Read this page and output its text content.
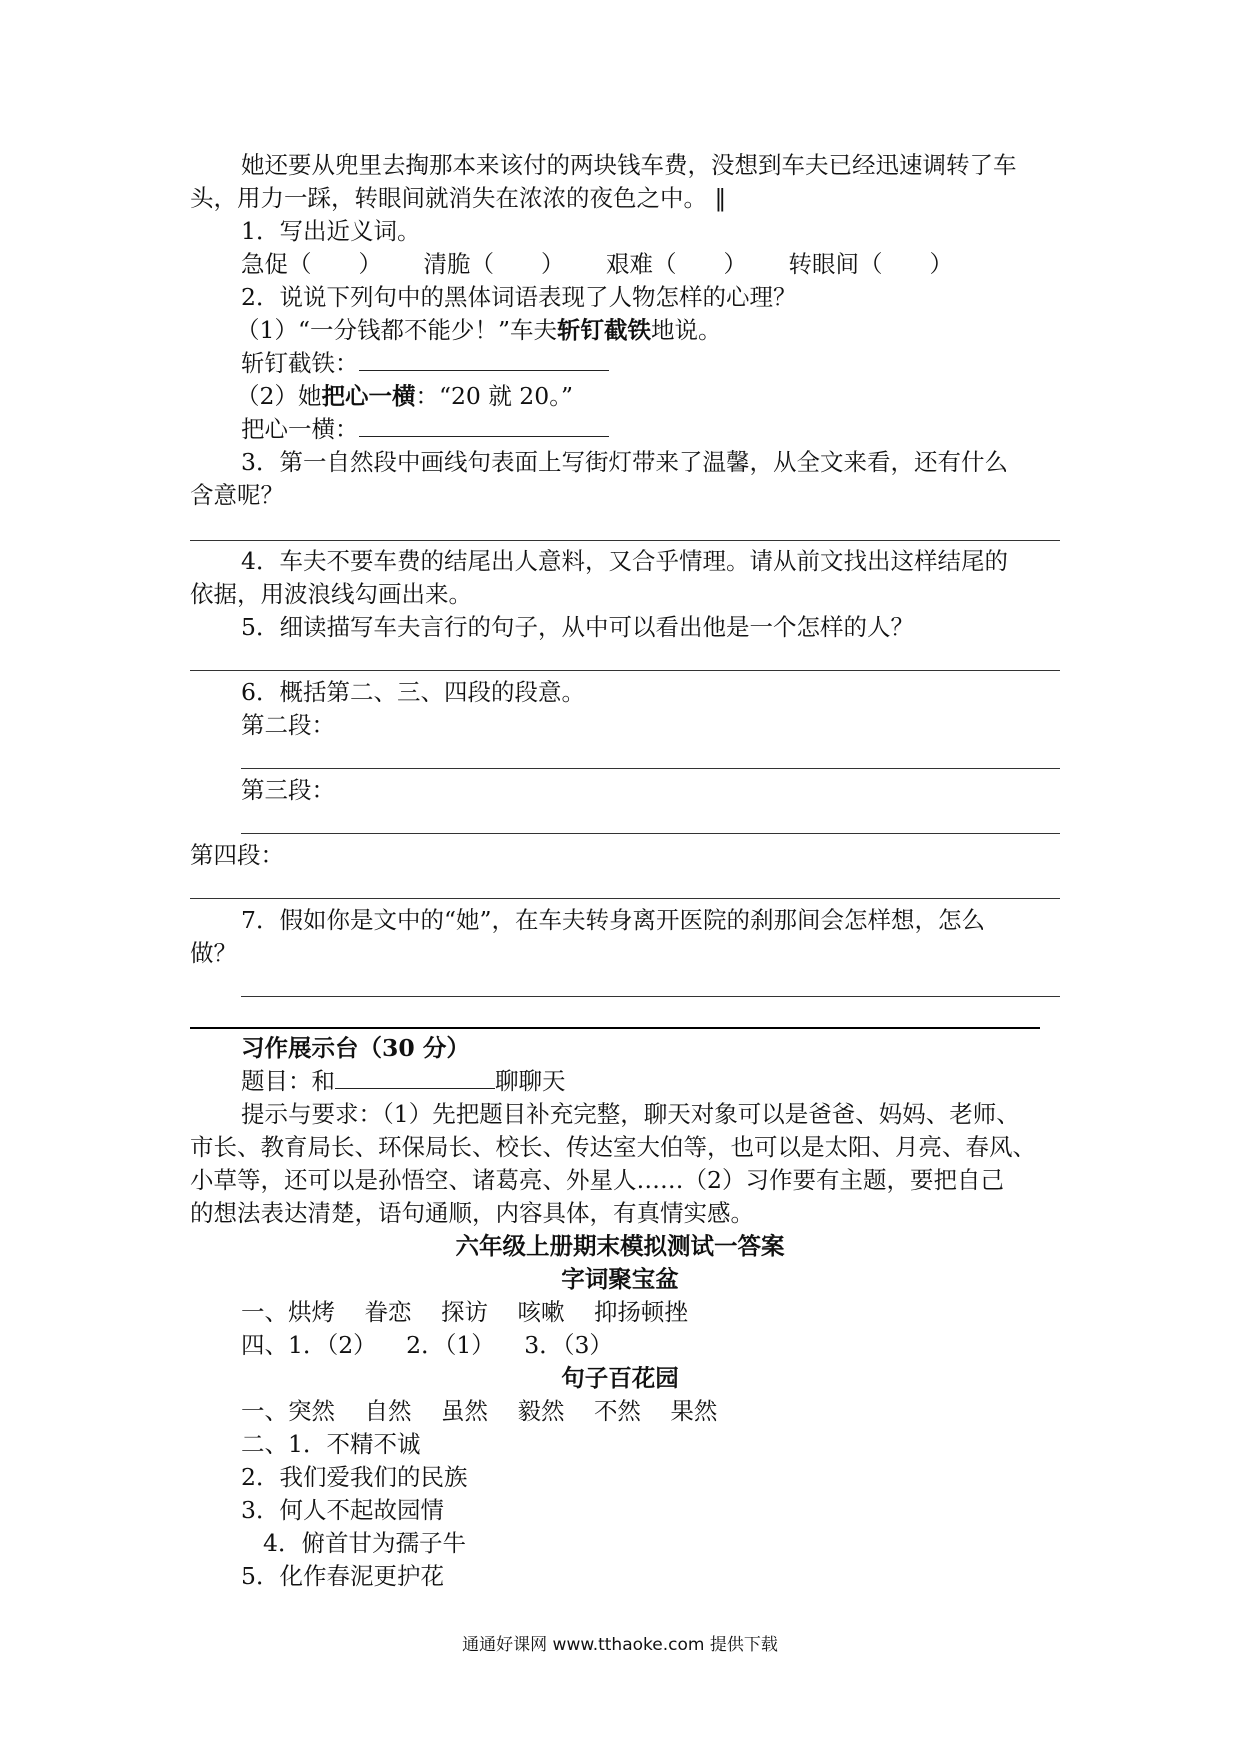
她还要从兜里去掏那本来该付的两块钱车费，没想到车夫已经迅速调转了车
头，用力一踩，转眼间就消失在浓浓的夜色之中。 ‖
1．写出近义词。
急促（　　） 清脆（　　） 艰难（　　） 转眼间（　　）
2．说说下列句中的黑体词语表现了人物怎样的心理？
（1）“一分钱都不能少！”车夫斩钉截铁地说。
斩钉截铁：
（2）她把心一横：“20 就 20。”
把心一横：
3．第一自然段中画线句表面上写街灯带来了温馨，从全文来看，还有什么
含意呢？
4．车夫不要车费的结尾出人意料，又合乎情理。请从前文找出这样结尾的
依据，用波浪线勾画出来。
5．细读描写车夫言行的句子，从中可以看出他是一个怎样的人？
6．概括第二、三、四段的段意。
第二段：
第三段：
第四段：
7．假如你是文中的“她”，在车夫转身离开医院的刹那间会怎样想，怎么
做？
习作展示台（30 分）
题目：和	聊聊天
提示与要求：（1）先把题目补充完整，聊天对象可以是爸爸、妈妈、老师、
市长、教育局长、环保局长、校长、传达室大伯等，也可以是太阳、月亮、春风、
小草等，还可以是孙悟空、诸葛亮、外星人……（2）习作要有主题，要把自己
的想法表达清楚，语句通顺，内容具体，有真情实感。
六年级上册期末模拟测试一答案
字词聚宝盆
一、烘烤 眷恋 探访 咳嗽 抑扬顿挫
四、1．（2） 2．（1） 3．（3）
句子百花园
一、突然 自然 虽然 毅然 不然 果然
二、1．不精不诚
2．我们爱我们的民族
3．何人不起故园情
4．俯首甘为孺子牛
5．化作春泥更护花
通通好课网 www.tthaoke.com 提供下载
